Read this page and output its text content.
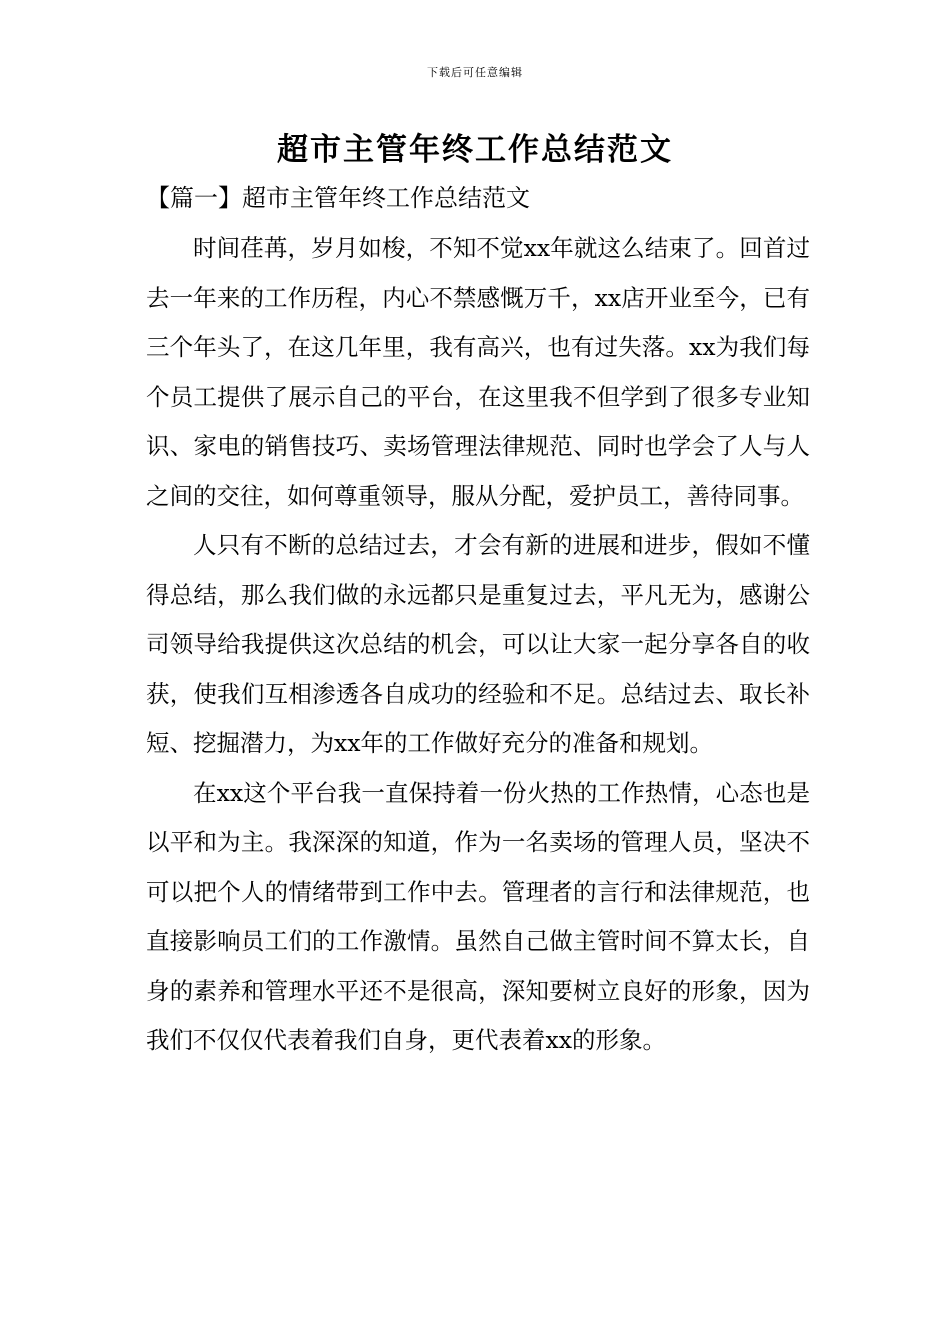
下载后可任意编辑
超市主管年终工作总结范文
【篇一】超市主管年终工作总结范文

时间荏苒，岁月如梭，不知不觉xx年就这么结束了。回首过去一年来的工作历程，内心不禁感慨万千，xx店开业至今，已有三个年头了，在这几年里，我有高兴，也有过失落。xx为我们每个员工提供了展示自己的平台，在这里我不但学到了很多专业知识、家电的销售技巧、卖场管理法律规范、同时也学会了人与人之间的交往，如何尊重领导，服从分配，爱护员工，善待同事。

人只有不断的总结过去，才会有新的进展和进步，假如不懂得总结，那么我们做的永远都只是重复过去，平凡无为，感谢公司领导给我提供这次总结的机会，可以让大家一起分享各自的收获，使我们互相渗透各自成功的经验和不足。总结过去、取长补短、挖掘潜力，为xx年的工作做好充分的准备和规划。

在xx这个平台我一直保持着一份火热的工作热情，心态也是以平和为主。我深深的知道，作为一名卖场的管理人员，坚决不可以把个人的情绪带到工作中去。管理者的言行和法律规范，也直接影响员工们的工作激情。虽然自己做主管时间不算太长，自身的素养和管理水平还不是很高，深知要树立良好的形象，因为我们不仅仅代表着我们自身，更代表着xx的形象。
